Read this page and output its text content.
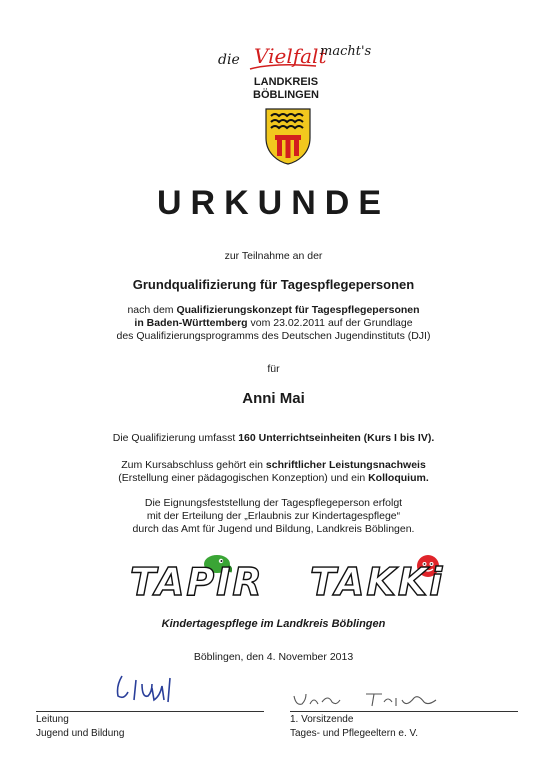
die Vielfalt
macht's
LANDKREIS
BÖBLINGEN
URKUNDE
zur Teilnahme an der
Grundqualifizierung für Tagespflegepersonen
nach dem Qualifizierungskonzept für Tagespflegepersonen
in Baden-Württemberg vom 23.02.2011 auf der Grundlage
des Qualifizierungsprogramms des Deutschen Jugendinstituts (DJI)
für
Anni Mai
Die Qualifizierung umfasst 160 Unterrichtseinheiten (Kurs I bis IV).
Zum Kursabschluss gehört ein schriftlicher Leistungsnachweis
(Erstellung einer pädagogischen Konzeption) und ein Kolloquium.
Die Eignungsfeststellung der Tagespflegeperson erfolgt
mit der Erteilung der „Erlaubnis zur Kindertagespflege“
durch das Amt für Jugend und Bildung, Landkreis Böblingen.
TAPIR TAKKi
Kindertagespflege im Landkreis Böblingen
Böblingen, den 4. November 2013
Leitung
Jugend und Bildung
1. Vorsitzende
Tages- und Pflegeeltern e. V.
